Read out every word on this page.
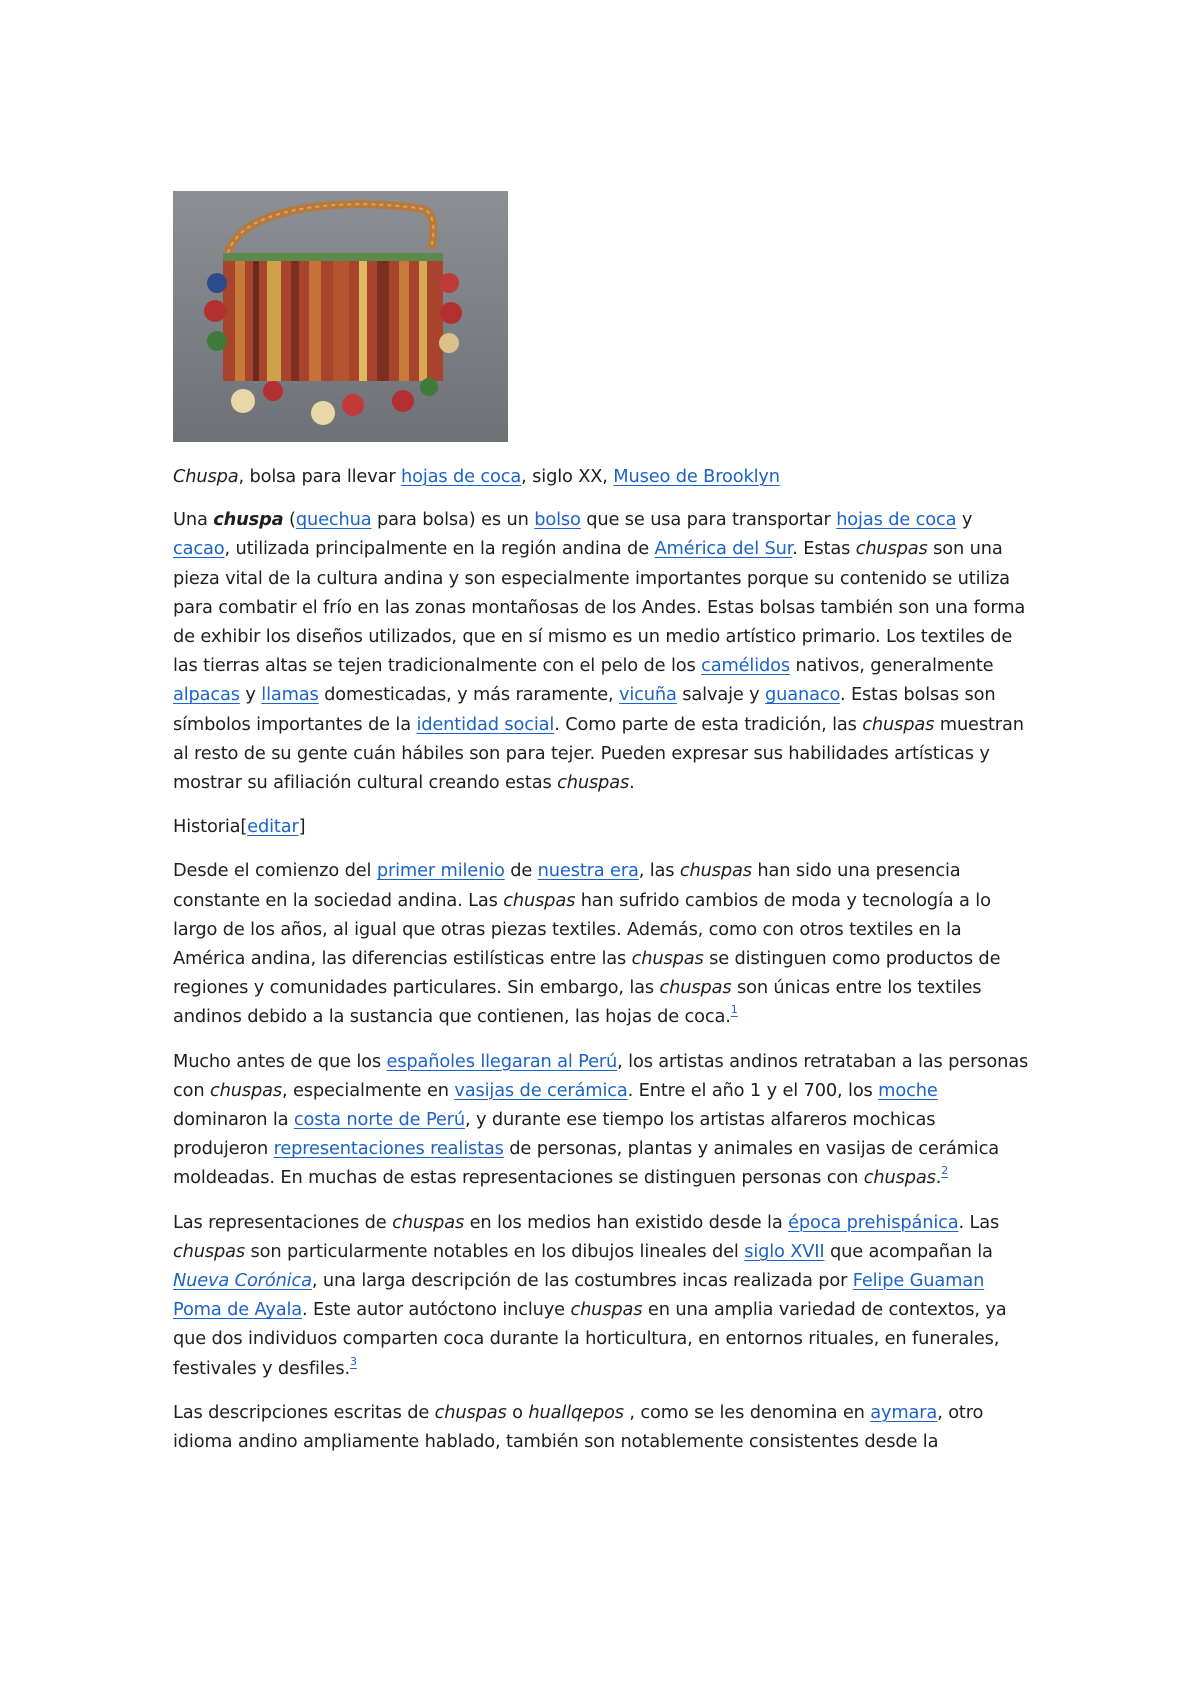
Chuspa, bolsa para llevar hojas de coca, siglo XX, Museo de Brooklyn

Una chuspa (quechua para bolsa) es un bolso que se usa para transportar hojas de coca y cacao, utilizada principalmente en la región andina de América del Sur. Estas chuspas son una pieza vital de la cultura andina y son especialmente importantes porque su contenido se utiliza para combatir el frío en las zonas montañosas de los Andes. Estas bolsas también son una forma de exhibir los diseños utilizados, que en sí mismo es un medio artístico primario. Los textiles de las tierras altas se tejen tradicionalmente con el pelo de los camélidos nativos, generalmente alpacas y llamas domesticadas, y más raramente, vicuña salvaje y guanaco. Estas bolsas son símbolos importantes de la identidad social. Como parte de esta tradición, las chuspas muestran al resto de su gente cuán hábiles son para tejer. Pueden expresar sus habilidades artísticas y mostrar su afiliación cultural creando estas chuspas.

Historia[editar]

Desde el comienzo del primer milenio de nuestra era, las chuspas han sido una presencia constante en la sociedad andina. Las chuspas han sufrido cambios de moda y tecnología a lo largo de los años, al igual que otras piezas textiles. Además, como con otros textiles en la América andina, las diferencias estilísticas entre las chuspas se distinguen como productos de regiones y comunidades particulares. Sin embargo, las chuspas son únicas entre los textiles andinos debido a la sustancia que contienen, las hojas de coca.$^1$

Mucho antes de que los españoles llegaran al Perú, los artistas andinos retrataban a las personas con chuspas, especialmente en vasijas de cerámica. Entre el año 1 y el 700, los moche dominaron la costa norte de Perú, y durante ese tiempo los artistas alfareros mochicas produjeron representaciones realistas de personas, plantas y animales en vasijas de cerámica moldeadas. En muchas de estas representaciones se distinguen personas con chuspas.$^2$

Las representaciones de chuspas en los medios han existido desde la época prehispánica. Las chuspas son particularmente notables en los dibujos lineales del siglo XVII que acompañan la Nueva Corónica, una larga descripción de las costumbres incas realizada por Felipe Guaman Poma de Ayala. Este autor autóctono incluye chuspas en una amplia variedad de contextos, ya que dos individuos comparten coca durante la horticultura, en entornos rituales, en funerales, festivales y desfiles.$^3$

Las descripciones escritas de chuspas o huallqepos , como se les denomina en aymara, otro idioma andino ampliamente hablado, también son notablemente consistentes desde la
